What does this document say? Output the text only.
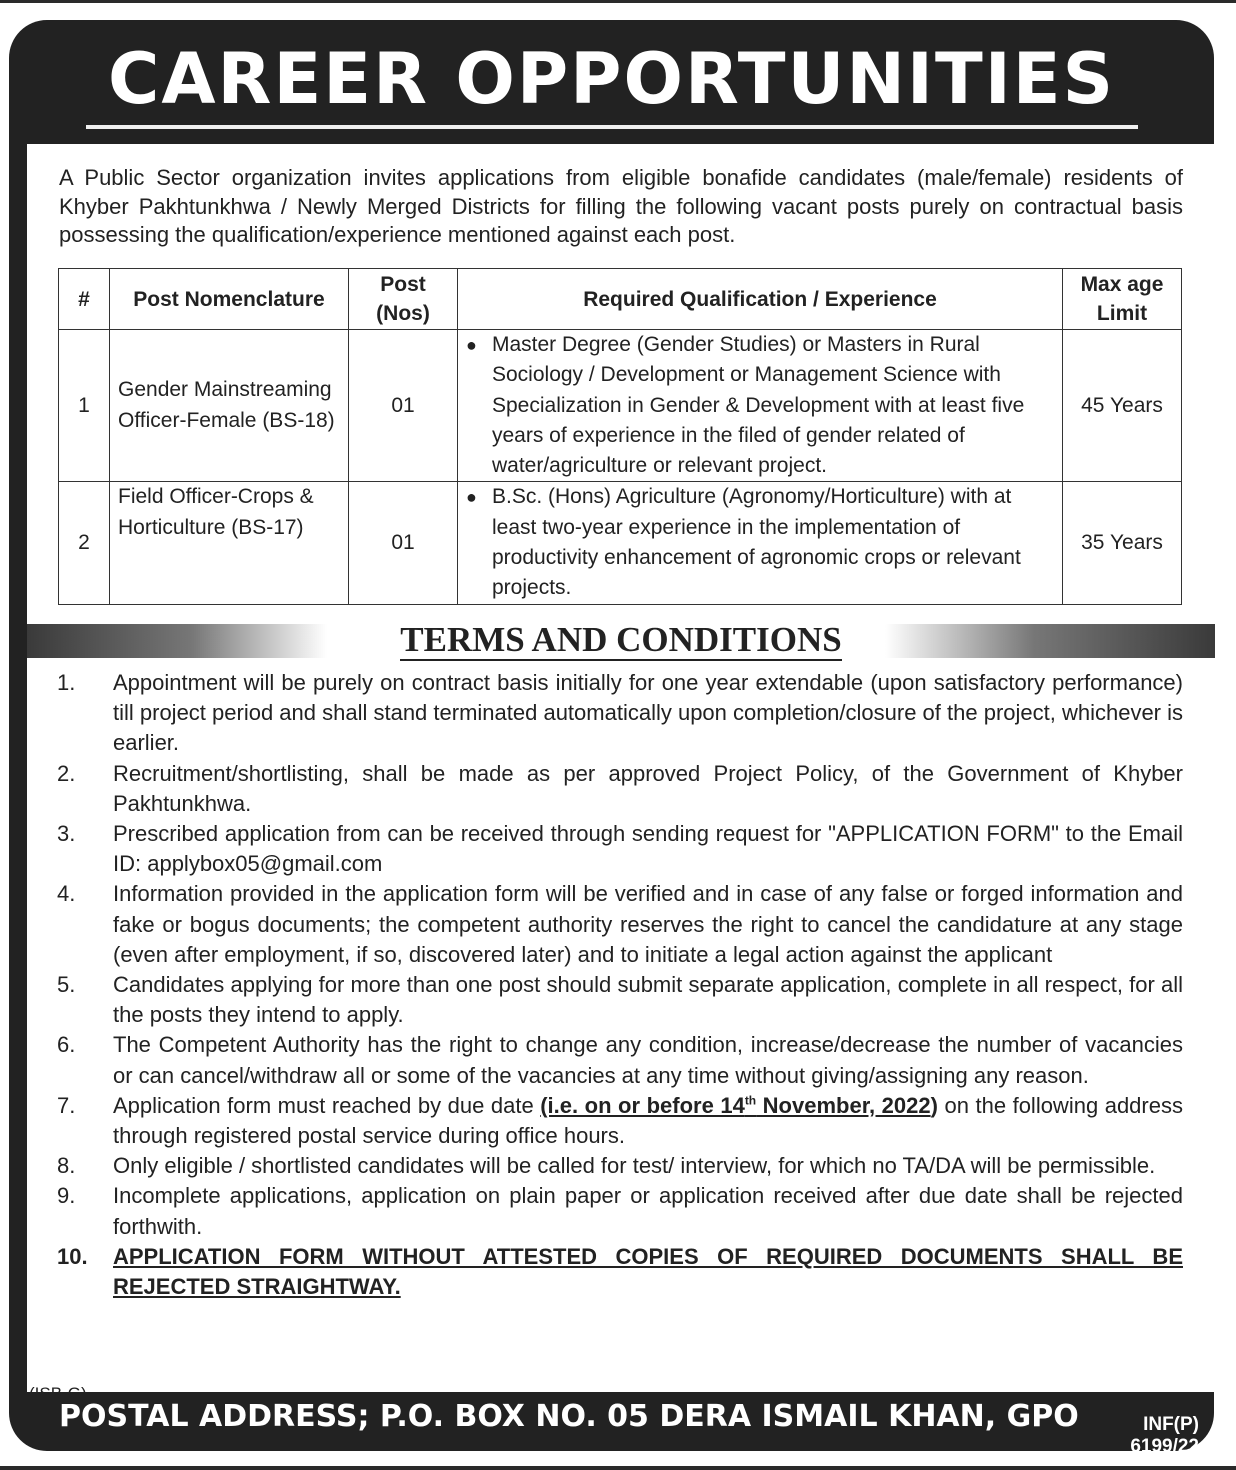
CAREER OPPORTUNITIES

A Public Sector organization invites applications from eligible bonafide candidates (male/female) residents of Khyber Pakhtunkhwa / Newly Merged Districts for filling the following vacant posts purely on contractual basis possessing the qualification/experience mentioned against each post.

#	Post Nomenclature	Post (Nos)	Required Qualification / Experience	Max age Limit
1	Gender Mainstreaming Officer-Female (BS-18)	01	● Master Degree (Gender Studies) or Masters in Rural Sociology / Development or Management Science with Specialization in Gender & Development with at least five years of experience in the filed of gender related of water/agriculture or relevant project.	45 Years
2	Field Officer-Crops & Horticulture (BS-17)	01	● B.Sc. (Hons) Agriculture (Agronomy/Horticulture) with at least two-year experience in the implementation of productivity enhancement of agronomic crops or relevant projects.	35 Years
TERMS AND CONDITIONS
1.	Appointment will be purely on contract basis initially for one year extendable (upon satisfactory performance) till project period and shall stand terminated automatically upon completion/closure of the project, whichever is earlier.
2.	Recruitment/shortlisting, shall be made as per approved Project Policy, of the Government of Khyber Pakhtunkhwa.
3.	Prescribed application from can be received through sending request for "APPLICATION FORM" to the Email ID: applybox05@gmail.com
4.	Information provided in the application form will be verified and in case of any false or forged information and fake or bogus documents; the competent authority reserves the right to cancel the candidature at any stage (even after employment, if so, discovered later) and to initiate a legal action against the applicant
5.	Candidates applying for more than one post should submit separate application, complete in all respect, for all the posts they intend to apply.
6.	The Competent Authority has the right to change any condition, increase/decrease the number of vacancies or can cancel/withdraw all or some of the vacancies at any time without giving/assigning any reason.
7.	Application form must reached by due date (i.e. on or before 14th November, 2022) on the following address through registered postal service during office hours.
8.	Only eligible / shortlisted candidates will be called for test/ interview, for which no TA/DA will be permissible.
9.	Incomplete applications, application on plain paper or application received after due date shall be rejected forthwith.
10.	APPLICATION FORM WITHOUT ATTESTED COPIES OF REQUIRED DOCUMENTS SHALL BE REJECTED STRAIGHTWAY.
(ISB-G)
POSTAL ADDRESS; P.O. BOX NO. 05 DERA ISMAIL KHAN, GPO	INF(P)
6199/22
